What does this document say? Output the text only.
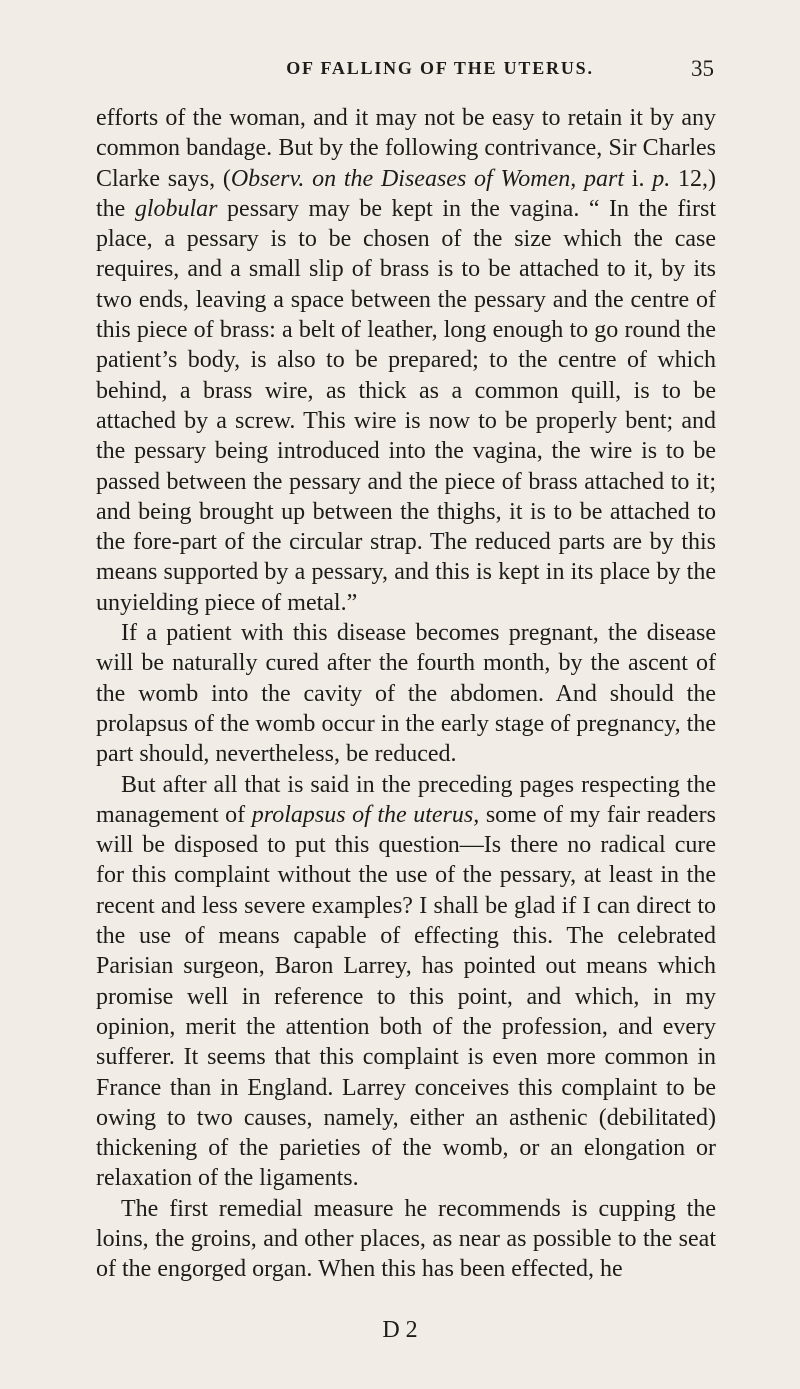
OF FALLING OF THE UTERUS.	35

efforts of the woman, and it may not be easy to retain it by any common bandage. But by the following contrivance, Sir Charles Clarke says, (Observ. on the Diseases of Women, part i. p. 12,) the globular pessary may be kept in the vagina. “ In the first place, a pessary is to be chosen of the size which the case requires, and a small slip of brass is to be attached to it, by its two ends, leaving a space between the pessary and the centre of this piece of brass: a belt of leather, long enough to go round the patient’s body, is also to be prepared; to the centre of which behind, a brass wire, as thick as a common quill, is to be attached by a screw. This wire is now to be properly bent; and the pessary being introduced into the vagina, the wire is to be passed between the pessary and the piece of brass attached to it; and being brought up between the thighs, it is to be attached to the fore-part of the circular strap. The reduced parts are by this means supported by a pessary, and this is kept in its place by the unyielding piece of metal.”

If a patient with this disease becomes pregnant, the disease will be naturally cured after the fourth month, by the ascent of the womb into the cavity of the abdomen. And should the prolapsus of the womb occur in the early stage of pregnancy, the part should, nevertheless, be reduced.

But after all that is said in the preceding pages respecting the management of prolapsus of the uterus, some of my fair readers will be disposed to put this question—Is there no radical cure for this complaint without the use of the pessary, at least in the recent and less severe examples? I shall be glad if I can direct to the use of means capable of effecting this. The celebrated Parisian surgeon, Baron Larrey, has pointed out means which promise well in reference to this point, and which, in my opinion, merit the attention both of the profession, and every sufferer. It seems that this complaint is even more common in France than in England. Larrey conceives this complaint to be owing to two causes, namely, either an asthenic (debilitated) thickening of the parieties of the womb, or an elongation or relaxation of the ligaments.

The first remedial measure he recommends is cupping the loins, the groins, and other places, as near as possible to the seat of the engorged organ. When this has been effected, he

D 2
